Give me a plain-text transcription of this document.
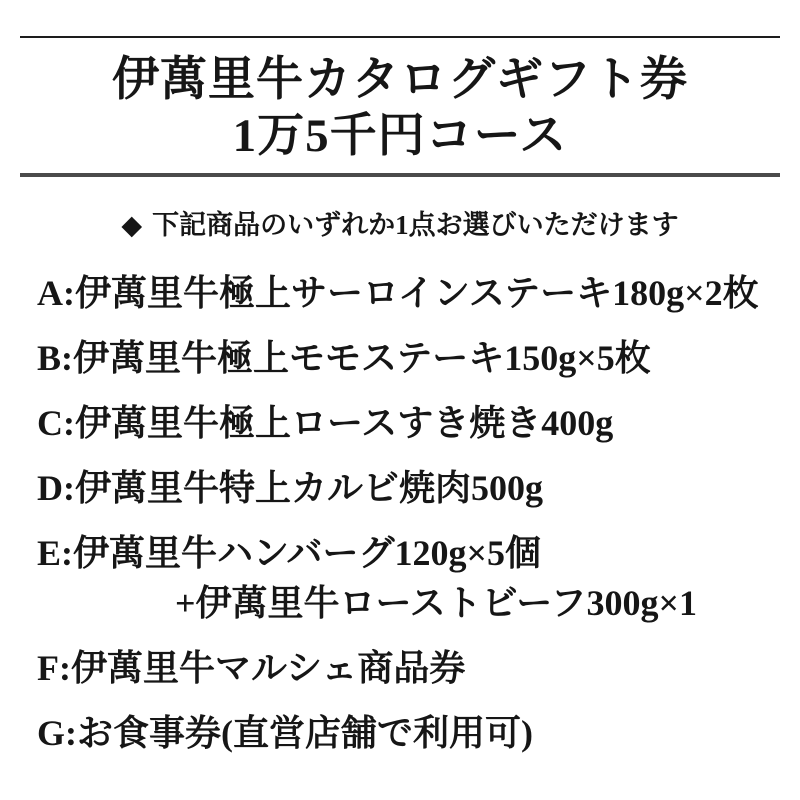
伊萬里牛カタログギフト券
1万5千円コース
◆ 下記商品のいずれか1点お選びいただけます
A:伊萬里牛極上サーロインステーキ180g×2枚
B:伊萬里牛極上モモステーキ150g×5枚
C:伊萬里牛極上ロースすき焼き400g
D:伊萬里牛特上カルビ焼肉500g
E:伊萬里牛ハンバーグ120g×5個
+伊萬里牛ローストビーフ300g×1
F:伊萬里牛マルシェ商品券
G:お食事券(直営店舗で利用可)
